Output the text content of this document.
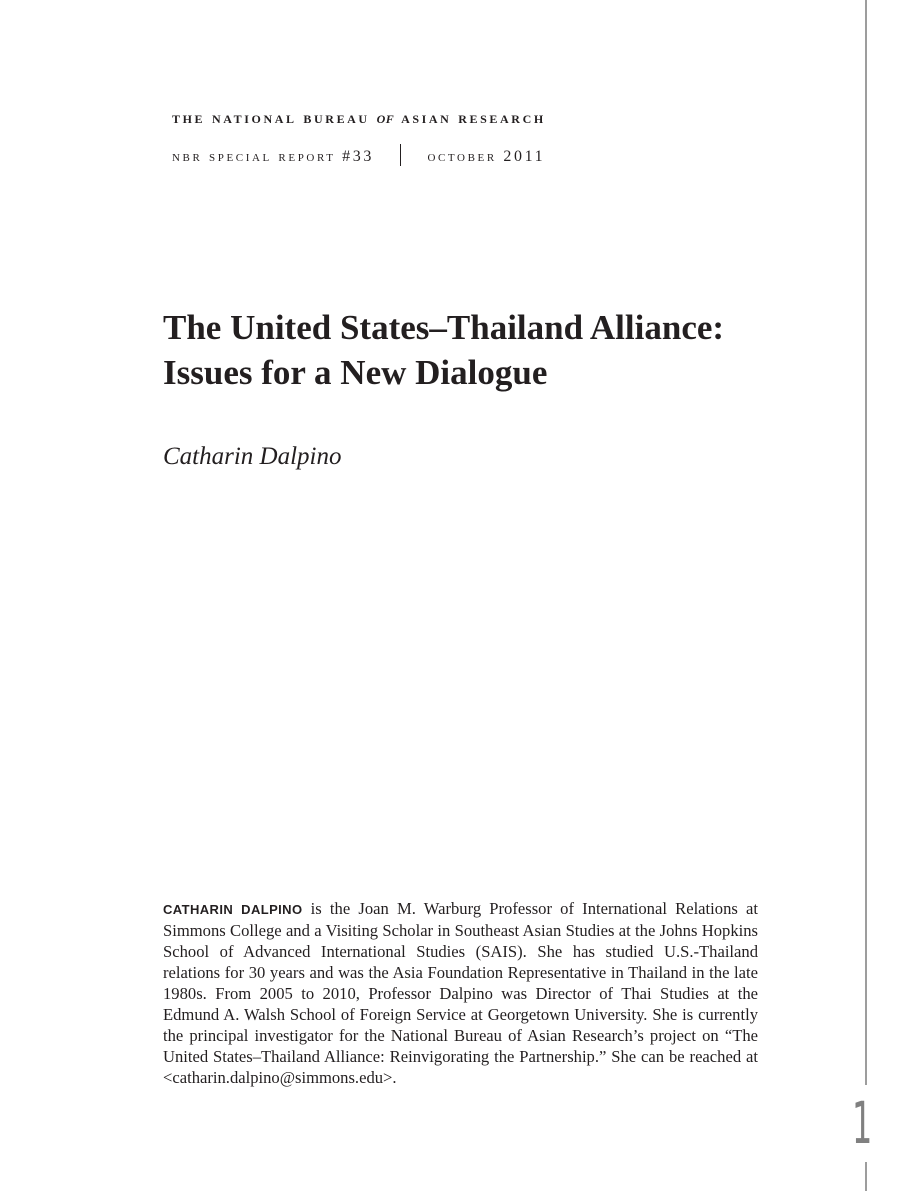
the national bureau of asian research
nbr special report #33	october 2011
The United States–Thailand Alliance:
Issues for a New Dialogue

Catharin Dalpino

CATHARIN DALPINO is the Joan M. Warburg Professor of International Relations at Simmons College and a Visiting Scholar in Southeast Asian Studies at the Johns Hopkins School of Advanced International Studies (SAIS). She has studied U.S.-Thailand relations for 30 years and was the Asia Foundation Representative in Thailand in the late 1980s. From 2005 to 2010, Professor Dalpino was Director of Thai Studies at the Edmund A. Walsh School of Foreign Service at Georgetown University. She is currently the principal investigator for the National Bureau of Asian Research’s project on “The United States–Thailand Alliance: Reinvigorating the Partnership.” She can be reached at <catharin.dalpino@simmons.edu>.

1
